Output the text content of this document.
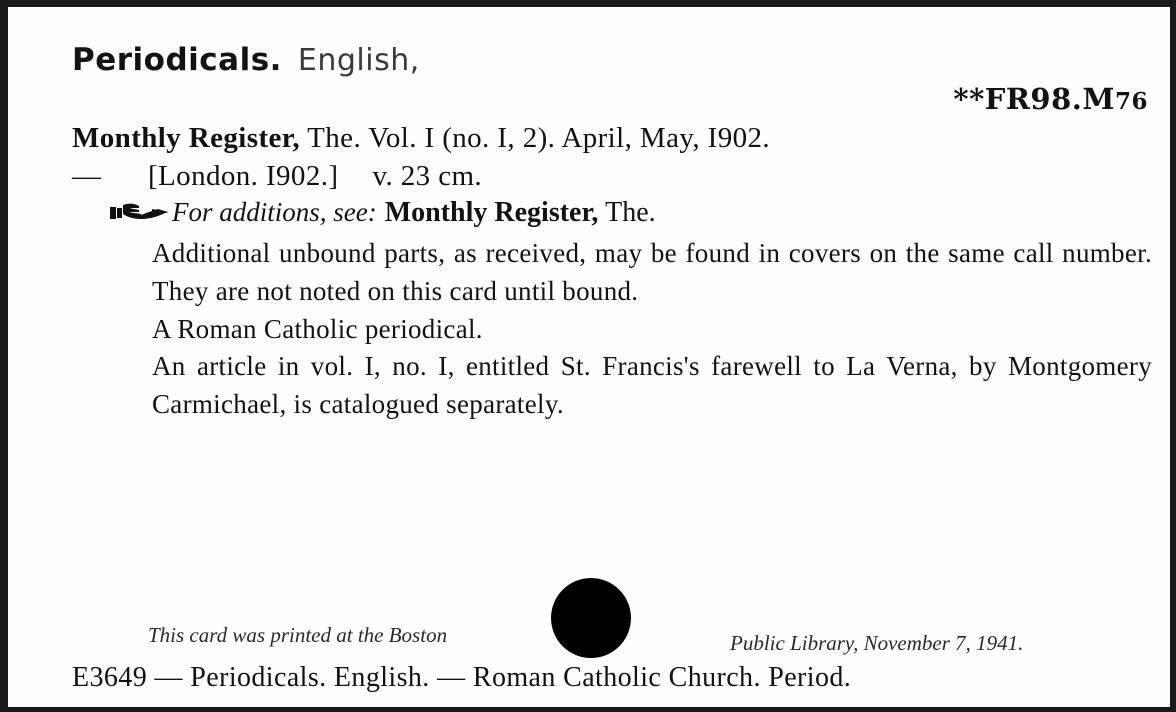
Periodicals. English,
**FR98.M76
Monthly Register, The. Vol. I (no. I, 2). April, May, I902.
— [London. I902.] v. 23 cm.
For additions, see: Monthly Register, The.
Additional unbound parts, as received, may be found in covers on the same call number. They are not noted on this card until bound.
A Roman Catholic periodical.
An article in vol. I, no. I, entitled St. Francis's farewell to La Verna, by Montgomery Carmichael, is catalogued separately.
This card was printed at the Boston	Public Library, November 7, 1941.
E3649 — Periodicals. English. — Roman Catholic Church. Period.
